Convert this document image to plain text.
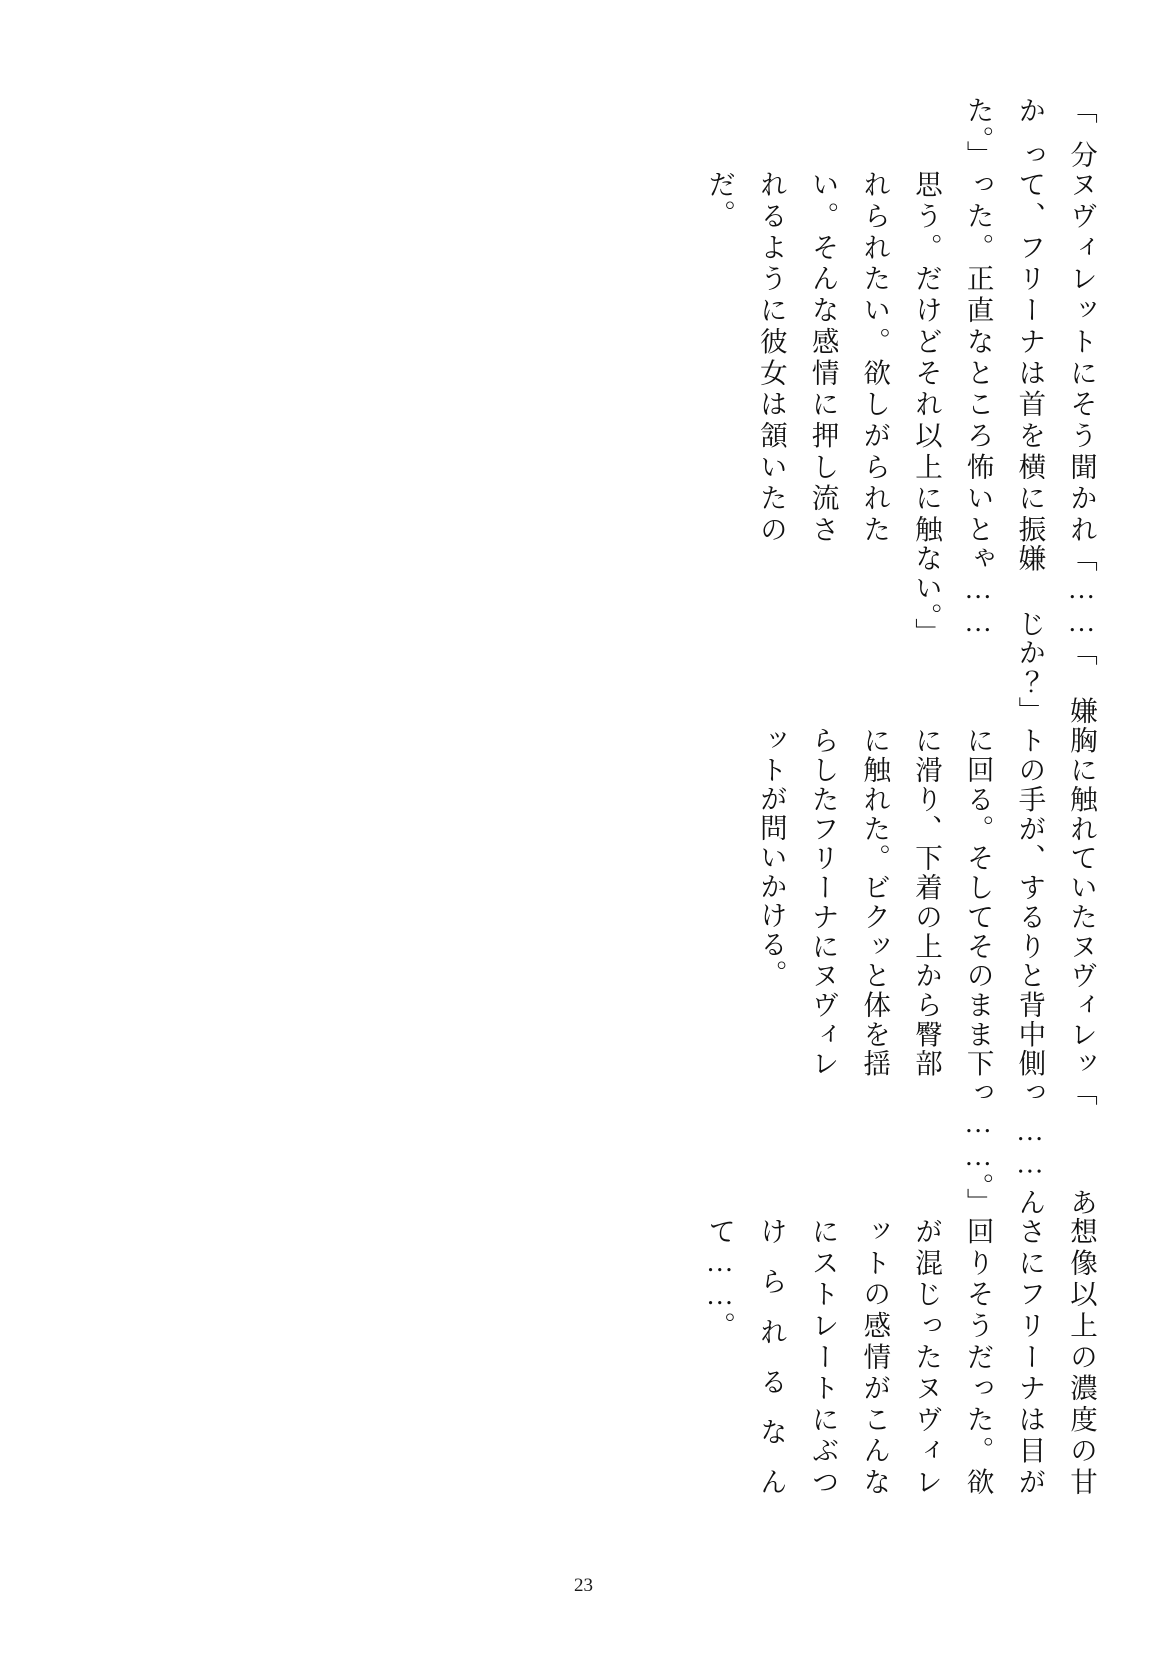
想像以上の濃度の甘さにフリーナは目が回りそうだった。欲が混じったヌヴィレットの感情がこんなにストレートにぶつけられるなんて……。

「あっ……んっ……。」

胸に触れていたヌヴィレットの手が、するりと背中側に回る。そしてそのまま下に滑り、下着の上から臀部に触れた。ビクッと体を揺らしたフリーナにヌヴィレットが問いかける。

「嫌か？」

「……嫌じゃ……ない。」

ヌヴィレットにそう聞かれて、フリーナは首を横に振った。正直なところ怖いと思う。だけどそれ以上に触れられたい。欲しがられたい。そんな感情に押し流されるように彼女は頷いたのだ。

「分かった。」

23
